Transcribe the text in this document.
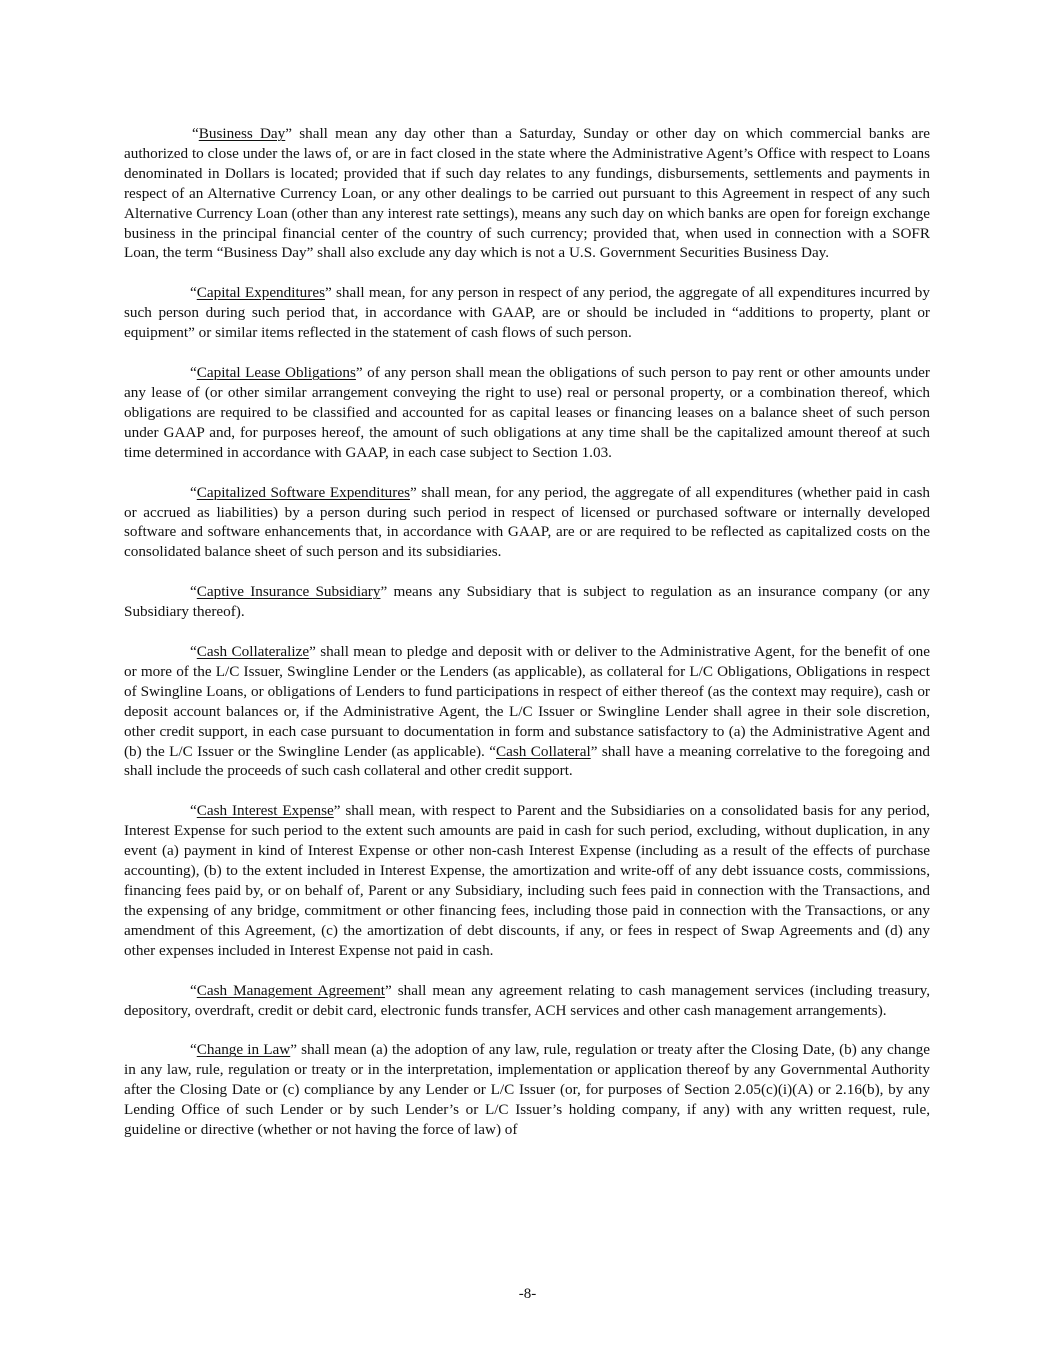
“Business Day” shall mean any day other than a Saturday, Sunday or other day on which commercial banks are authorized to close under the laws of, or are in fact closed in the state where the Administrative Agent’s Office with respect to Loans denominated in Dollars is located; provided that if such day relates to any fundings, disbursements, settlements and payments in respect of an Alternative Currency Loan, or any other dealings to be carried out pursuant to this Agreement in respect of any such Alternative Currency Loan (other than any interest rate settings), means any such day on which banks are open for foreign exchange business in the principal financial center of the country of such currency; provided that, when used in connection with a SOFR Loan, the term “Business Day” shall also exclude any day which is not a U.S. Government Securities Business Day.

“Capital Expenditures” shall mean, for any person in respect of any period, the aggregate of all expenditures incurred by such person during such period that, in accordance with GAAP, are or should be included in “additions to property, plant or equipment” or similar items reflected in the statement of cash flows of such person.

“Capital Lease Obligations” of any person shall mean the obligations of such person to pay rent or other amounts under any lease of (or other similar arrangement conveying the right to use) real or personal property, or a combination thereof, which obligations are required to be classified and accounted for as capital leases or financing leases on a balance sheet of such person under GAAP and, for purposes hereof, the amount of such obligations at any time shall be the capitalized amount thereof at such time determined in accordance with GAAP, in each case subject to Section 1.03.

“Capitalized Software Expenditures” shall mean, for any period, the aggregate of all expenditures (whether paid in cash or accrued as liabilities) by a person during such period in respect of licensed or purchased software or internally developed software and software enhancements that, in accordance with GAAP, are or are required to be reflected as capitalized costs on the consolidated balance sheet of such person and its subsidiaries.

“Captive Insurance Subsidiary” means any Subsidiary that is subject to regulation as an insurance company (or any Subsidiary thereof).

“Cash Collateralize” shall mean to pledge and deposit with or deliver to the Administrative Agent, for the benefit of one or more of the L/C Issuer, Swingline Lender or the Lenders (as applicable), as collateral for L/C Obligations, Obligations in respect of Swingline Loans, or obligations of Lenders to fund participations in respect of either thereof (as the context may require), cash or deposit account balances or, if the Administrative Agent, the L/C Issuer or Swingline Lender shall agree in their sole discretion, other credit support, in each case pursuant to documentation in form and substance satisfactory to (a) the Administrative Agent and (b) the L/C Issuer or the Swingline Lender (as applicable). “Cash Collateral” shall have a meaning correlative to the foregoing and shall include the proceeds of such cash collateral and other credit support.

“Cash Interest Expense” shall mean, with respect to Parent and the Subsidiaries on a consolidated basis for any period, Interest Expense for such period to the extent such amounts are paid in cash for such period, excluding, without duplication, in any event (a) payment in kind of Interest Expense or other non-cash Interest Expense (including as a result of the effects of purchase accounting), (b) to the extent included in Interest Expense, the amortization and write-off of any debt issuance costs, commissions, financing fees paid by, or on behalf of, Parent or any Subsidiary, including such fees paid in connection with the Transactions, and the expensing of any bridge, commitment or other financing fees, including those paid in connection with the Transactions, or any amendment of this Agreement, (c) the amortization of debt discounts, if any, or fees in respect of Swap Agreements and (d) any other expenses included in Interest Expense not paid in cash.

“Cash Management Agreement” shall mean any agreement relating to cash management services (including treasury, depository, overdraft, credit or debit card, electronic funds transfer, ACH services and other cash management arrangements).

“Change in Law” shall mean (a) the adoption of any law, rule, regulation or treaty after the Closing Date, (b) any change in any law, rule, regulation or treaty or in the interpretation, implementation or application thereof by any Governmental Authority after the Closing Date or (c) compliance by any Lender or L/C Issuer (or, for purposes of Section 2.05(c)(i)(A) or 2.16(b), by any Lending Office of such Lender or by such Lender’s or L/C Issuer’s holding company, if any) with any written request, rule, guideline or directive (whether or not having the force of law) of

-8-
